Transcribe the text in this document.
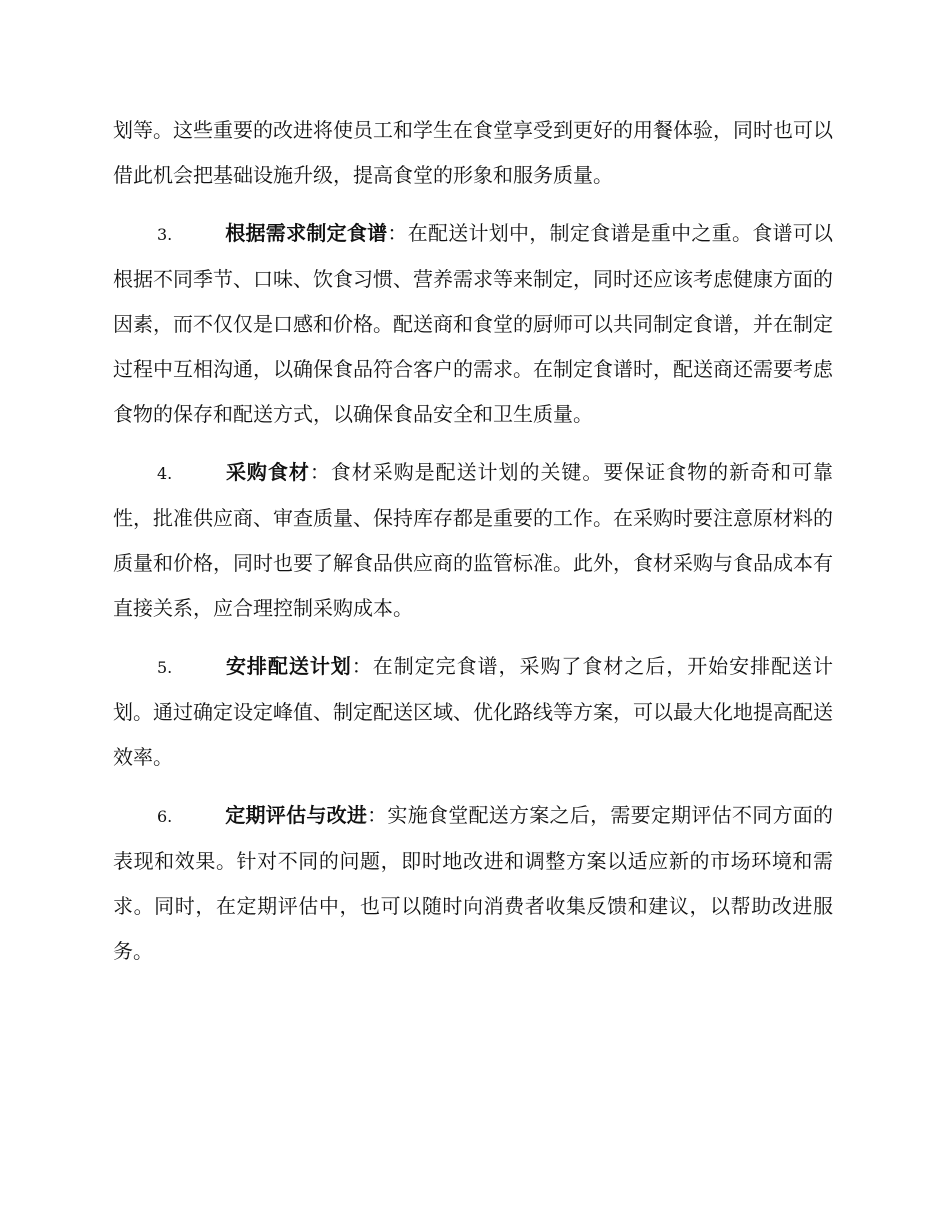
划等。这些重要的改进将使员工和学生在食堂享受到更好的用餐体验，同时也可以借此机会把基础设施升级，提高食堂的形象和服务质量。

3.	根据需求制定食谱：在配送计划中，制定食谱是重中之重。食谱可以根据不同季节、口味、饮食习惯、营养需求等来制定，同时还应该考虑健康方面的因素，而不仅仅是口感和价格。配送商和食堂的厨师可以共同制定食谱，并在制定过程中互相沟通，以确保食品符合客户的需求。在制定食谱时，配送商还需要考虑食物的保存和配送方式，以确保食品安全和卫生质量。

4.	采购食材：食材采购是配送计划的关键。要保证食物的新奇和可靠性，批准供应商、审查质量、保持库存都是重要的工作。在采购时要注意原材料的质量和价格，同时也要了解食品供应商的监管标准。此外，食材采购与食品成本有直接关系，应合理控制采购成本。

5.	安排配送计划：在制定完食谱，采购了食材之后，开始安排配送计划。通过确定设定峰值、制定配送区域、优化路线等方案，可以最大化地提高配送效率。

6.	定期评估与改进：实施食堂配送方案之后，需要定期评估不同方面的表现和效果。针对不同的问题，即时地改进和调整方案以适应新的市场环境和需求。同时，在定期评估中，也可以随时向消费者收集反馈和建议，以帮助改进服务。
